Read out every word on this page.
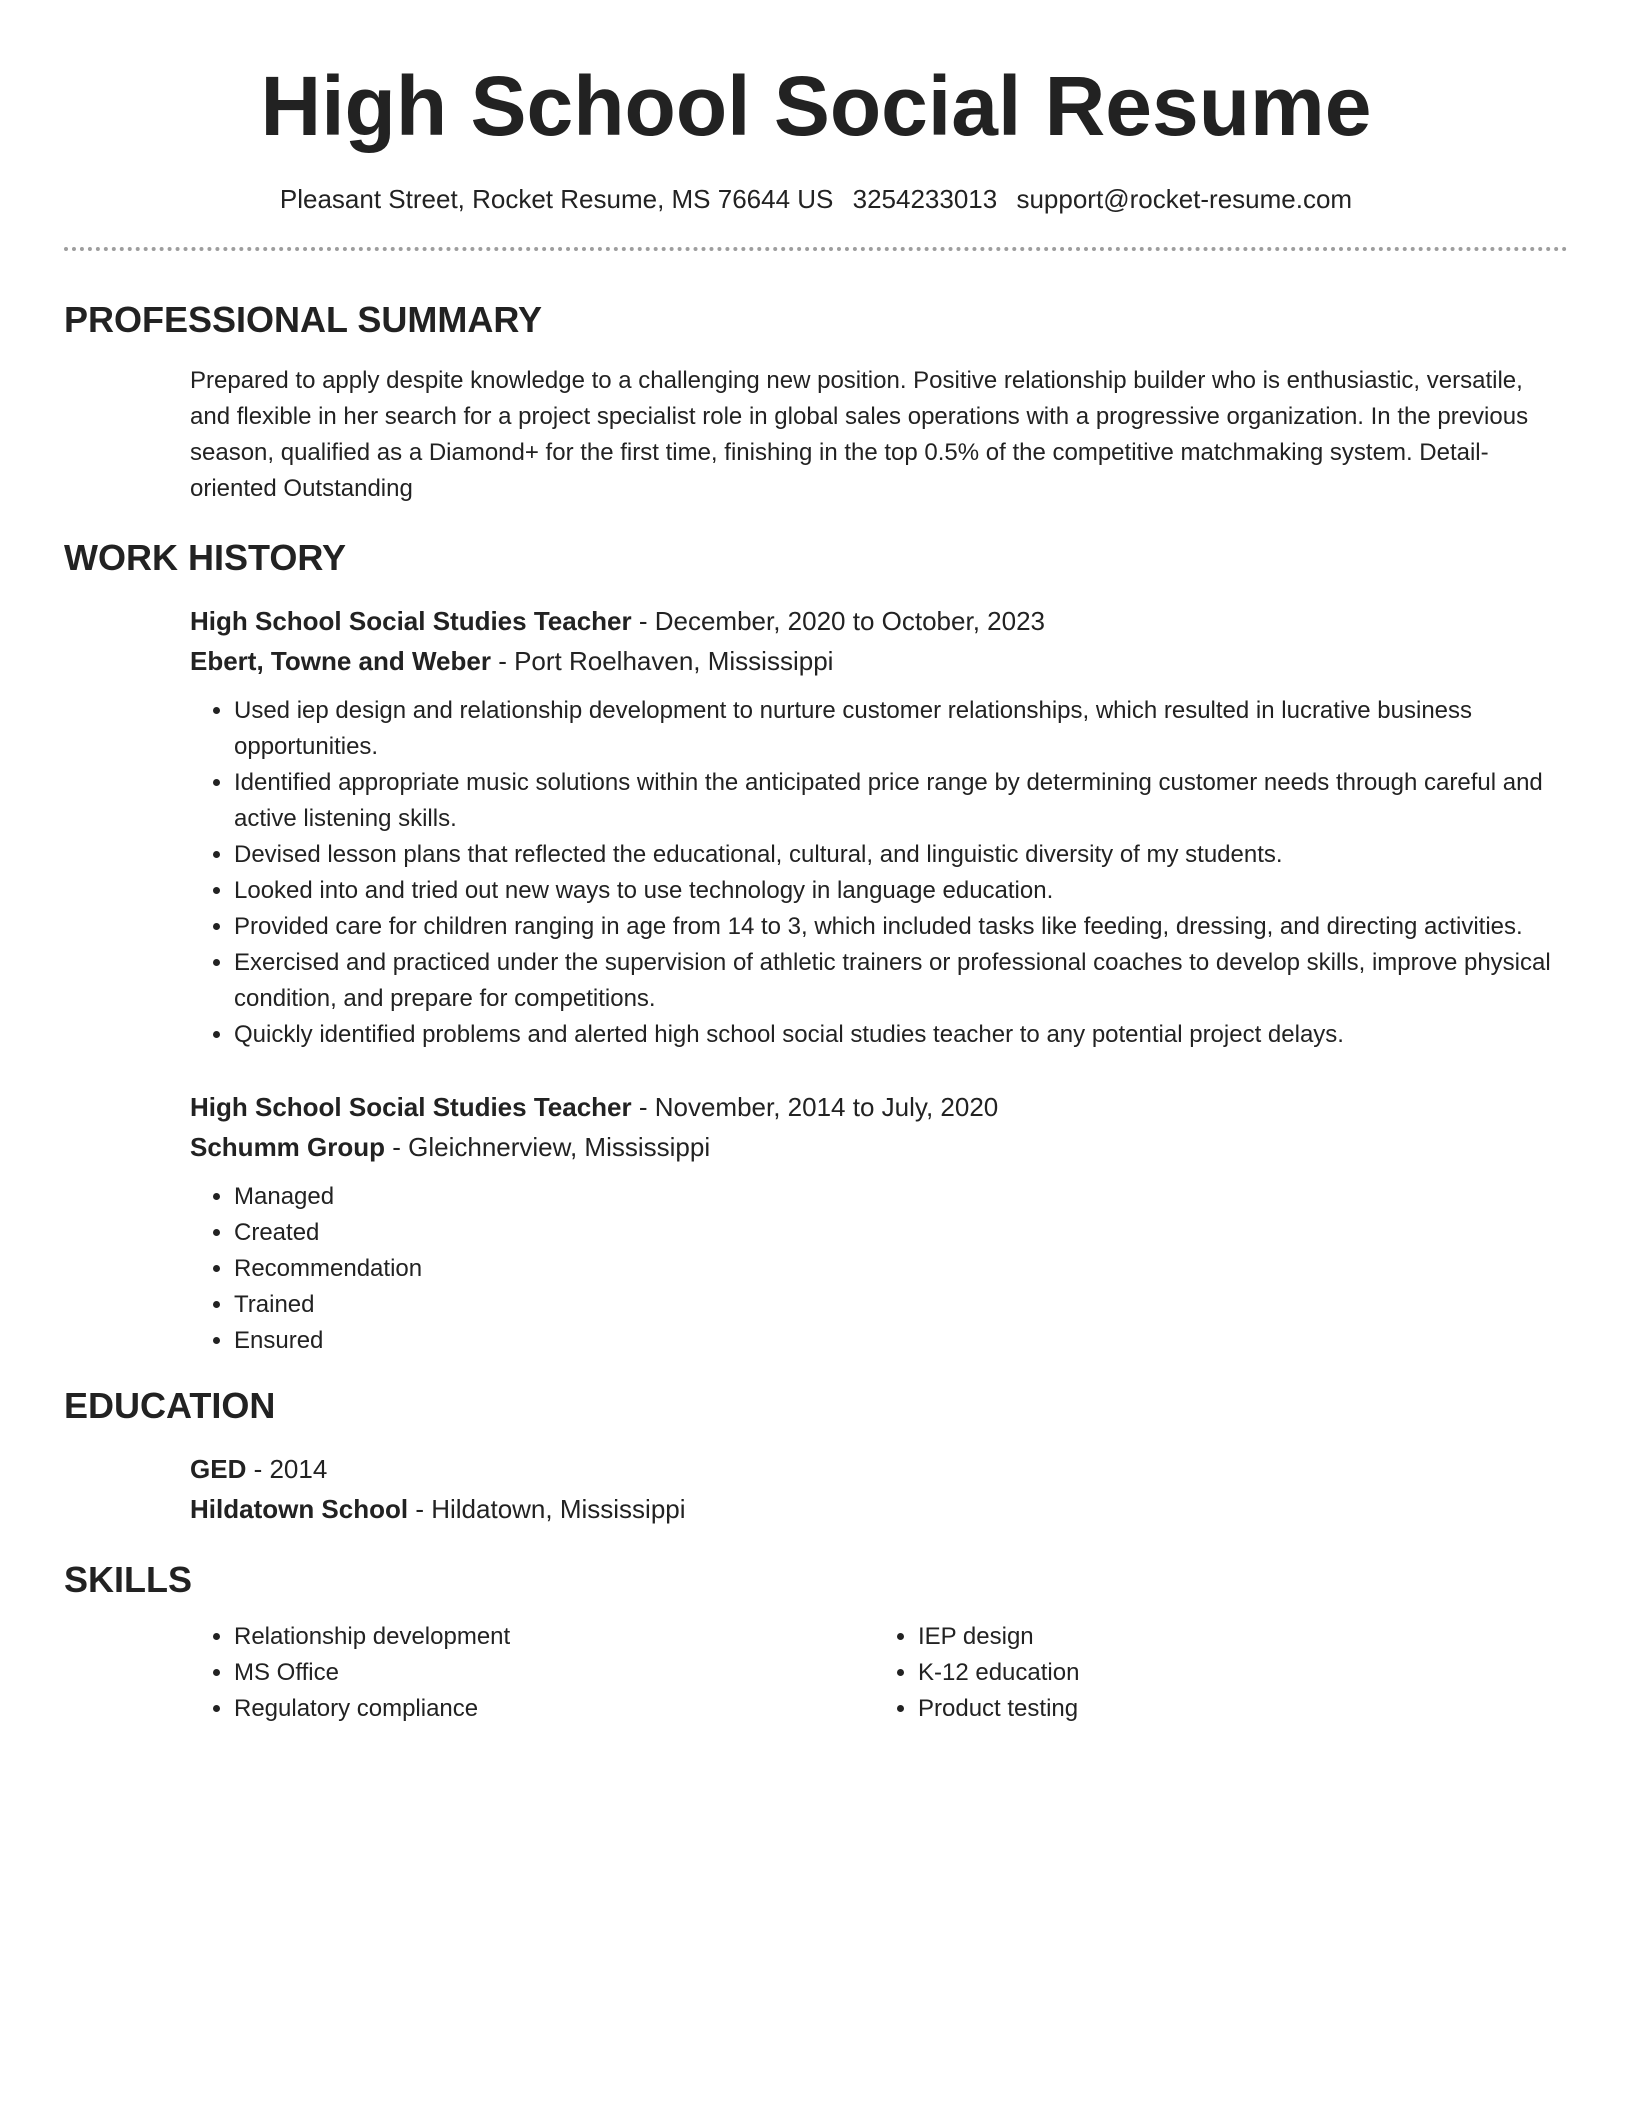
High School Social Resume
Pleasant Street, Rocket Resume, MS 76644 US 3254233013 support@rocket-resume.com
PROFESSIONAL SUMMARY

Prepared to apply despite knowledge to a challenging new position. Positive relationship builder who is enthusiastic, versatile, and flexible in her search for a project specialist role in global sales operations with a progressive organization. In the previous season, qualified as a Diamond+ for the first time, finishing in the top 0.5% of the competitive matchmaking system. Detail-oriented Outstanding

WORK HISTORY
High School Social Studies Teacher - December, 2020 to October, 2023
Ebert, Towne and Weber - Port Roelhaven, Mississippi
• Used iep design and relationship development to nurture customer relationships, which resulted in lucrative business opportunities.
• Identified appropriate music solutions within the anticipated price range by determining customer needs through careful and active listening skills.
• Devised lesson plans that reflected the educational, cultural, and linguistic diversity of my students.
• Looked into and tried out new ways to use technology in language education.
• Provided care for children ranging in age from 14 to 3, which included tasks like feeding, dressing, and directing activities.
• Exercised and practiced under the supervision of athletic trainers or professional coaches to develop skills, improve physical condition, and prepare for competitions.
• Quickly identified problems and alerted high school social studies teacher to any potential project delays.
High School Social Studies Teacher - November, 2014 to July, 2020
Schumm Group - Gleichnerview, Mississippi
• Managed
• Created
• Recommendation
• Trained
• Ensured
EDUCATION
GED - 2014
Hildatown School - Hildatown, Mississippi
SKILLS
• Relationship development
• MS Office
• Regulatory compliance
• IEP design
• K-12 education
• Product testing
